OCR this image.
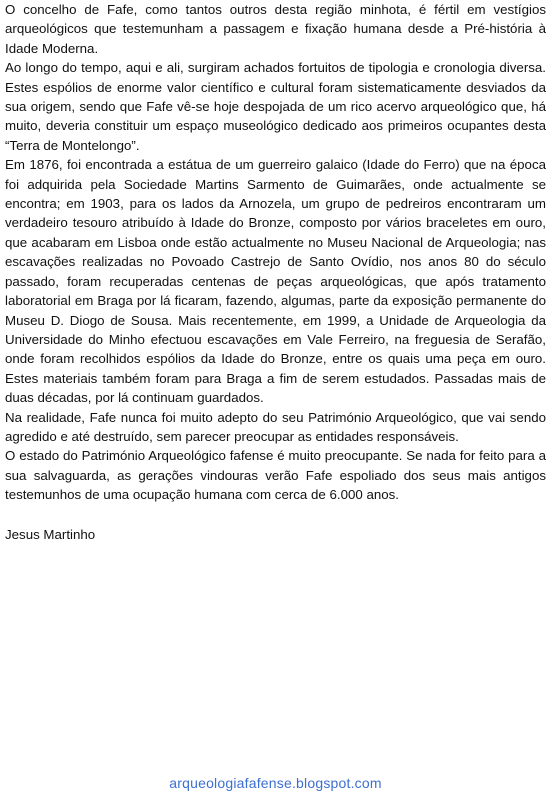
O concelho de Fafe, como tantos outros desta região minhota, é fértil em vestígios arqueológicos que testemunham a passagem e fixação humana desde a Pré-história à Idade Moderna.

Ao longo do tempo, aqui e ali, surgiram achados fortuitos de tipologia e cronologia diversa. Estes espólios de enorme valor científico e cultural foram sistematicamente desviados da sua origem, sendo que Fafe vê-se hoje despojada de um rico acervo arqueológico que, há muito, deveria constituir um espaço museológico dedicado aos primeiros ocupantes desta “Terra de Montelongo”.

Em 1876, foi encontrada a estátua de um guerreiro galaico (Idade do Ferro) que na época foi adquirida pela Sociedade Martins Sarmento de Guimarães, onde actualmente se encontra; em 1903, para os lados da Arnozela, um grupo de pedreiros encontraram um verdadeiro tesouro atribuído à Idade do Bronze, composto por vários braceletes em ouro, que acabaram em Lisboa onde estão actualmente no Museu Nacional de Arqueologia; nas escavações realizadas no Povoado Castrejo de Santo Ovídio, nos anos 80 do século passado, foram recuperadas centenas de peças arqueológicas, que após tratamento laboratorial em Braga por lá ficaram, fazendo, algumas, parte da exposição permanente do Museu D. Diogo de Sousa. Mais recentemente, em 1999, a Unidade de Arqueologia da Universidade do Minho efectuou escavações em Vale Ferreiro, na freguesia de Serafão, onde foram recolhidos espólios da Idade do Bronze, entre os quais uma peça em ouro. Estes materiais também foram para Braga a fim de serem estudados. Passadas mais de duas décadas, por lá continuam guardados.

Na realidade, Fafe nunca foi muito adepto do seu Património Arqueológico, que vai sendo agredido e até destruído, sem parecer preocupar as entidades responsáveis.

O estado do Património Arqueológico fafense é muito preocupante. Se nada for feito para a sua salvaguarda, as gerações vindouras verão Fafe espoliado dos seus mais antigos testemunhos de uma ocupação humana com cerca de 6.000 anos.

Jesus Martinho

arqueologiafafense.blogspot.com
